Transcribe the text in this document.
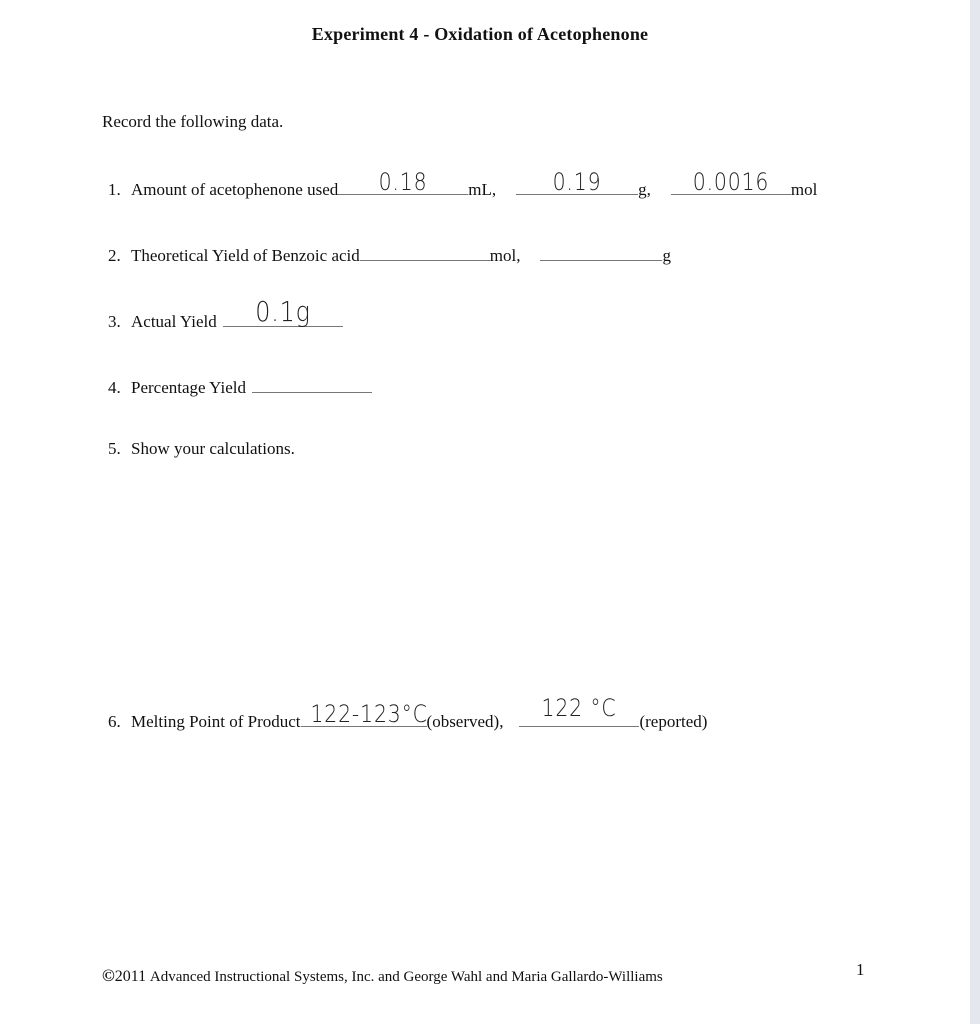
Experiment 4 - Oxidation of Acetophenone
Record the following data.
1. Amount of acetophenone used	0.18	mL,	0.19	g,	0.0016	mol
2. Theoretical Yield of Benzoic acid	mol,	g
3. Actual Yield	0.1g
4. Percentage Yield
5. Show your calculations.
6. Melting Point of Product 122-123°C (observed),	122 °C	(reported)
©2011 Advanced Instructional Systems, Inc. and George Wahl and Maria Gallardo-Williams	1
